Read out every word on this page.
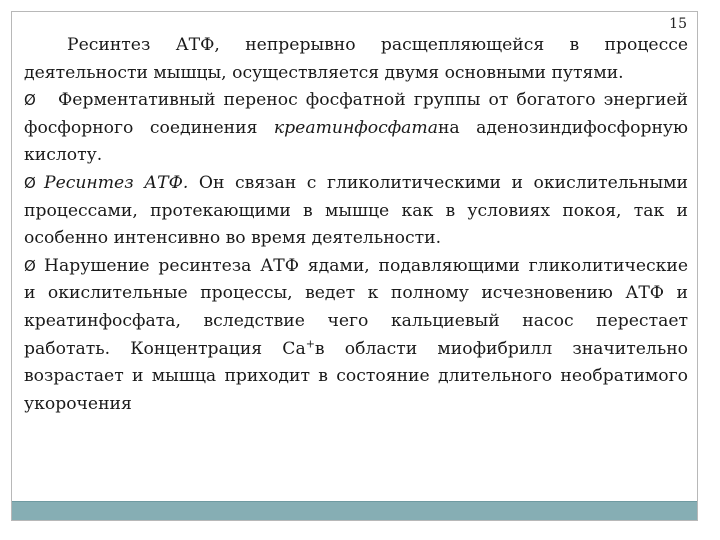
15

Ресинтез АТФ, непрерывно расщепляющейся в процессе деятельности мышцы, осуществляется двумя основными путями.

Ø Ферментативный перенос фосфатной группы от богатого энергией фосфорного соединения креатинфосфатана аденозиндифосфорную кислоту.

Ø Ресинтез АТФ. Он связан с гликолитическими и окислительными процессами, протекающими в мышце как в условиях покоя, так и особенно интенсивно во время деятельности.

Ø Нарушение ресинтеза АТФ ядами, подавляющими гликолитические и окислительные процессы, ведет к полному исчезновению АТФ и креатинфосфата, вследствие чего кальциевый насос перестает работать. Концентрация Са+в области миофибрилл значительно возрастает и мышца приходит в состояние длительного необратимого укорочения
